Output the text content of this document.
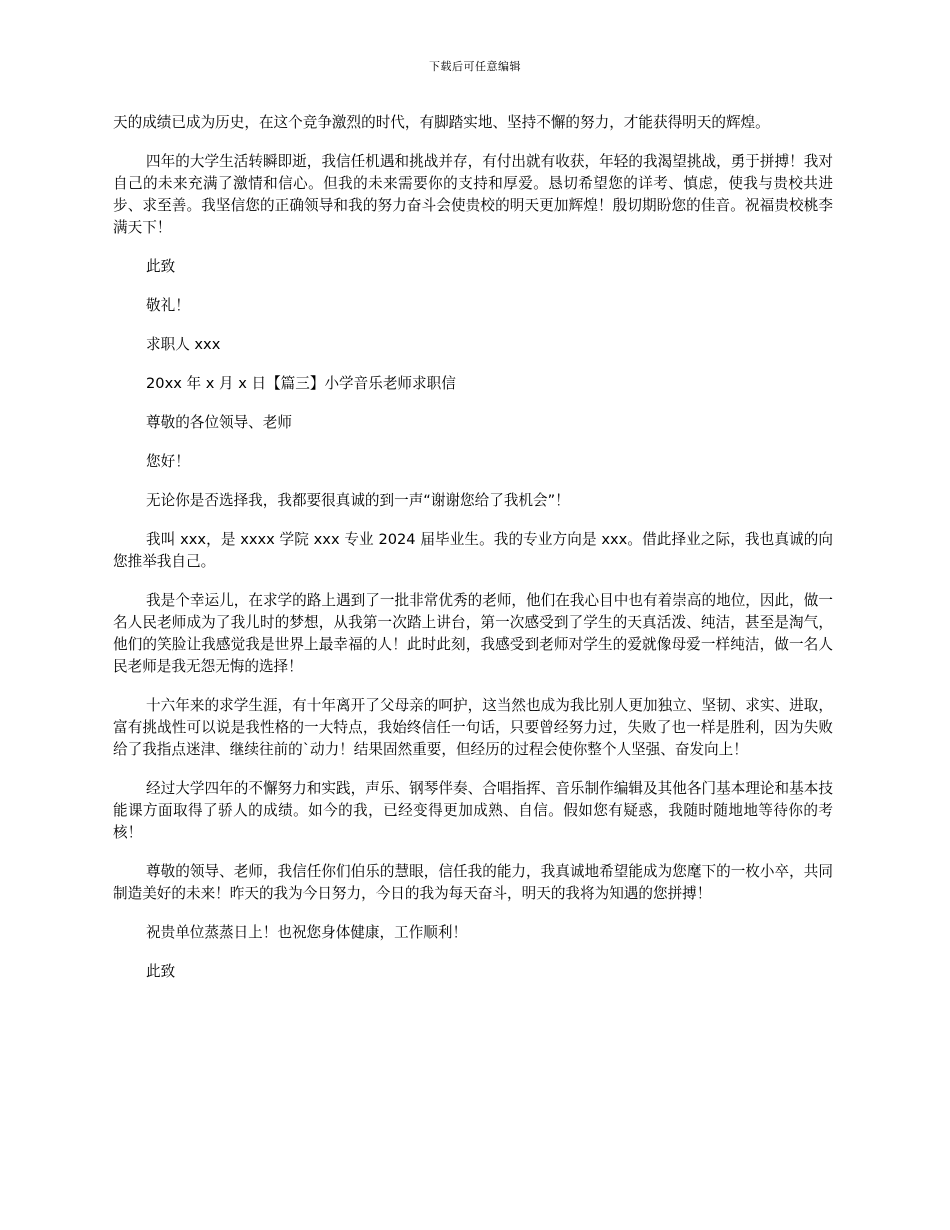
下载后可任意编辑

天的成绩已成为历史，在这个竞争激烈的时代，有脚踏实地、坚持不懈的努力，才能获得明天的辉煌。

四年的大学生活转瞬即逝，我信任机遇和挑战并存，有付出就有收获，年轻的我渴望挑战，勇于拼搏！我对自己的未来充满了激情和信心。但我的未来需要你的支持和厚爱。恳切希望您的详考、慎虑，使我与贵校共进步、求至善。我坚信您的正确领导和我的努力奋斗会使贵校的明天更加辉煌！殷切期盼您的佳音。祝福贵校桃李满天下！

此致

敬礼！

求职人 xxx

20xx 年 x 月 x 日【篇三】小学音乐老师求职信

尊敬的各位领导、老师

您好！

无论你是否选择我，我都要很真诚的到一声“谢谢您给了我机会”！

我叫 xxx，是 xxxx 学院 xxx 专业 2024 届毕业生。我的专业方向是 xxx。借此择业之际，我也真诚的向您推举我自己。

我是个幸运儿，在求学的路上遇到了一批非常优秀的老师，他们在我心目中也有着崇高的地位，因此，做一名人民老师成为了我儿时的梦想，从我第一次踏上讲台，第一次感受到了学生的天真活泼、纯洁，甚至是淘气，他们的笑脸让我感觉我是世界上最幸福的人！此时此刻，我感受到老师对学生的爱就像母爱一样纯洁，做一名人民老师是我无怨无悔的选择！

十六年来的求学生涯，有十年离开了父母亲的呵护，这当然也成为我比别人更加独立、坚韧、求实、进取，富有挑战性可以说是我性格的一大特点，我始终信任一句话，只要曾经努力过，失败了也一样是胜利，因为失败给了我指点迷津、继续往前的`动力！结果固然重要，但经历的过程会使你整个人坚强、奋发向上！

经过大学四年的不懈努力和实践，声乐、钢琴伴奏、合唱指挥、音乐制作编辑及其他各门基本理论和基本技能课方面取得了骄人的成绩。如今的我，已经变得更加成熟、自信。假如您有疑惑，我随时随地地等待你的考核！

尊敬的领导、老师，我信任你们伯乐的慧眼，信任我的能力，我真诚地希望能成为您麾下的一枚小卒，共同制造美好的未来！昨天的我为今日努力，今日的我为每天奋斗，明天的我将为知遇的您拼搏！

祝贵单位蒸蒸日上！也祝您身体健康，工作顺利！

此致
